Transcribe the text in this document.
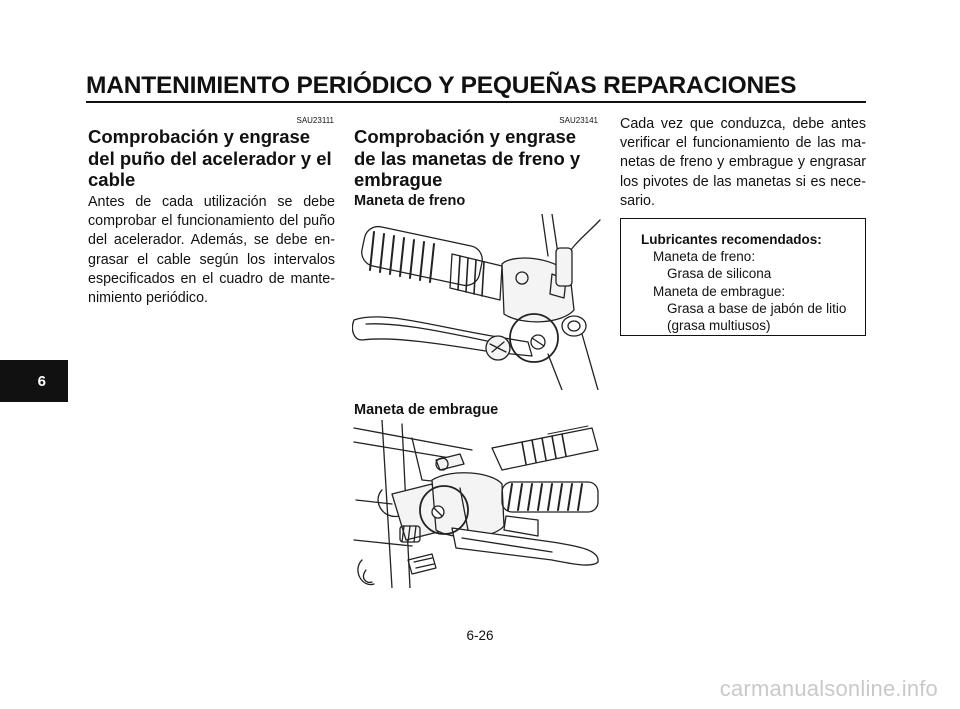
MANTENIMIENTO PERIÓDICO Y PEQUEÑAS REPARACIONES
6
SAU23111
Comprobación y engrase
del puño del acelerador y el
cable
Antes de cada utilización se debe
comprobar el funcionamiento del puño
del acelerador. Además, se debe en-
grasar el cable según los intervalos
especificados en el cuadro de mante-
nimiento periódico.
SAU23141
Comprobación y engrase
de las manetas de freno y
embrague
Maneta de freno
Maneta de embrague
Cada vez que conduzca, debe antes
verificar el funcionamiento de las ma-
netas de freno y embrague y engrasar
los pivotes de las manetas si es nece-
sario.
Lubricantes recomendados:
Maneta de freno:
Grasa de silicona
Maneta de embrague:
Grasa a base de jabón de litio
(grasa multiusos)
6-26
carmanualsonline.info
